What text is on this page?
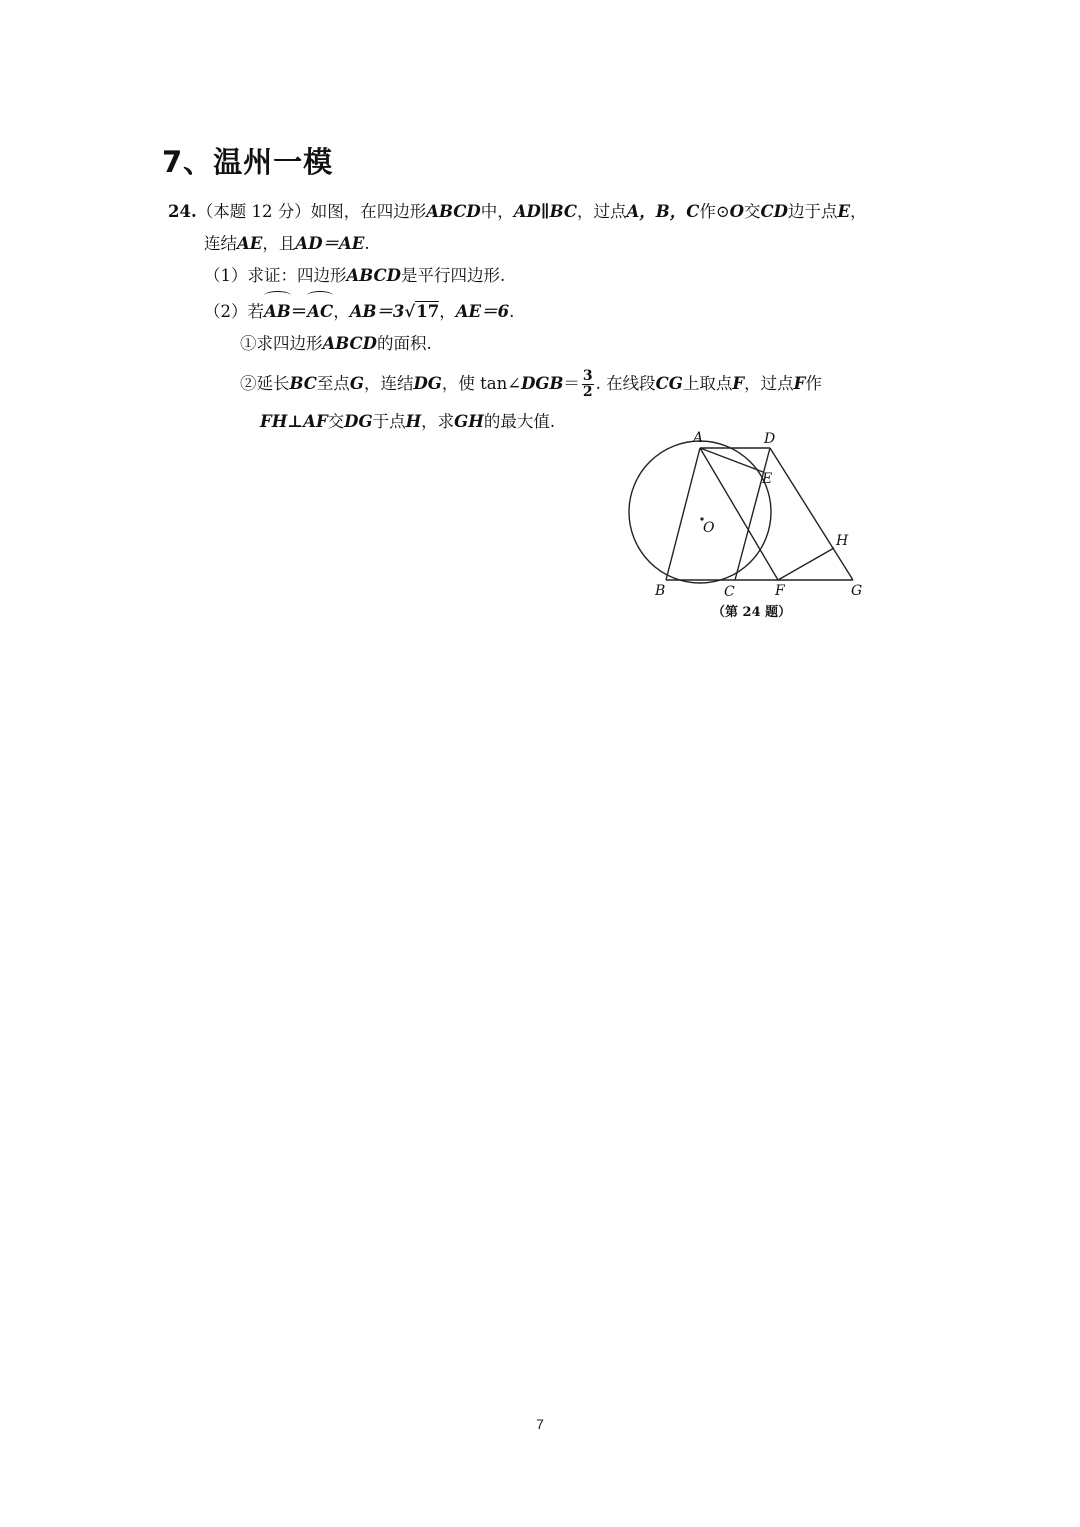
7、温州一模
24.（本题 12 分）如图，在四边形ABCD中，AD∥BC，过点A，B，C作⊙O交CD边于点E，
连结AE，且AD＝AE.
（1）求证：四边形ABCD是平行四边形.
（2）若AB＝AC，AB＝3√17，AE＝6.
①求四边形ABCD的面积.
②延长BC至点G，连结DG，使 tan∠DGB＝ $\frac{3}{2}$ . 在线段CG上取点F，过点F作
FH⊥AF交DG于点H，求GH的最大值.
A	D
E
O
H
B	C	F	G
（第 24 题）
7
